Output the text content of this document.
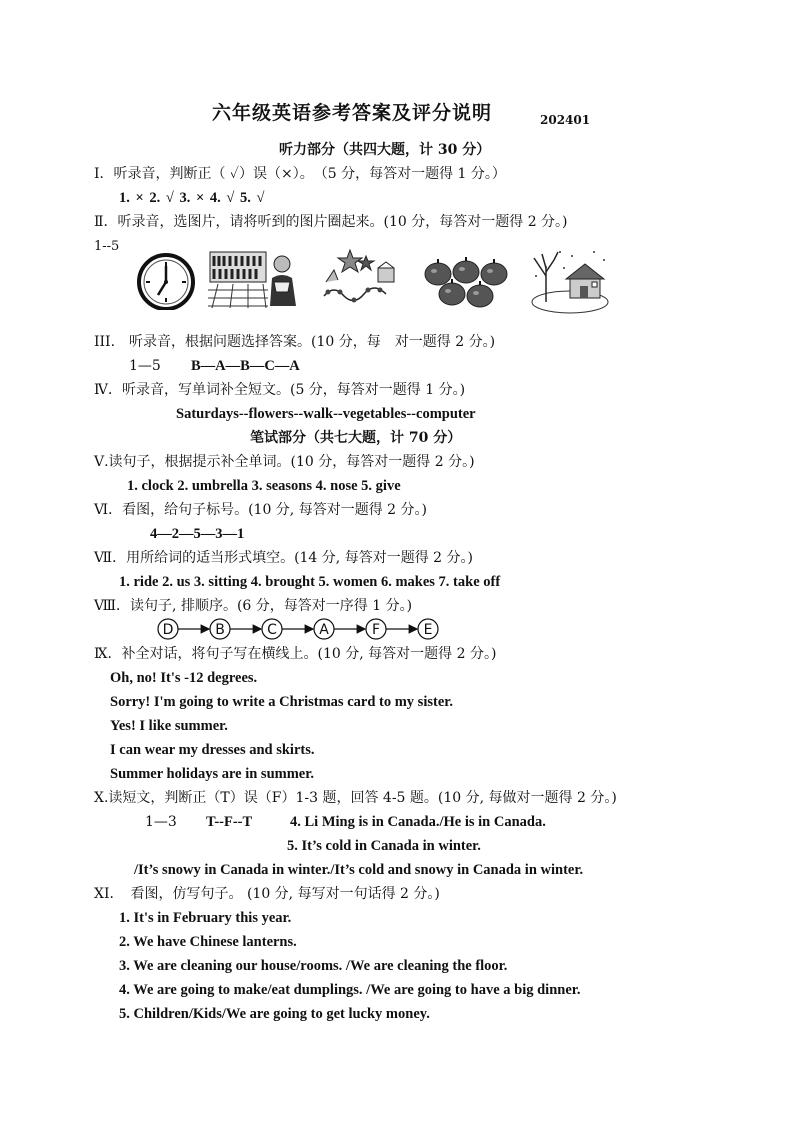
六年级英语参考答案及评分说明	202401
听力部分（共四大题，计 30 分）
Ⅰ．听录音，判断正（ ✓）误（×）。　（5 分，每答对一题得 1 分。）
1. × 2. √ 3. × 4. √ 5. √
Ⅱ．听录音，选图片，请将听到的图片圈起来。(10 分，每答对一题得 2 分。)
1--5
III.　听录音，根据问题选择答案。(10 分，每　对一题得 2 分。)
1—5 B—A—B—C—A
Ⅳ．听录音，写单词补全短文。(5 分，每答对一题得 1 分。)
Saturdays--flowers--walk--vegetables--computer
笔试部分（共七大题，计 70 分）
Ⅴ.读句子，根据提示补全单词。(10 分，每答对一题得 2 分。)
1. clock 2. umbrella 3. seasons 4. nose 5. give
Ⅵ．看图，给句子标号。(10 分, 每答对一题得 2 分。)
4—2—5—3—1
Ⅶ．用所给词的适当形式填空。(14 分, 每答对一题得 2 分。)
1. ride 2. us 3. sitting 4. brought 5. women 6. makes 7. take off
Ⅷ．读句子, 排顺序。(6 分，每答对一序得 1 分。)
D	B	C	A	F	E
Ⅸ．补全对话，将句子写在横线上。(10 分, 每答对一题得 2 分。)
Oh, no! It's -12 degrees.
Sorry! I'm going to write a Christmas card to my sister.
Yes! I like summer.
I can wear my dresses and skirts.
Summer holidays are in summer.
Ⅹ.读短文，判断正（T）误（F）1-3 题，回答 4-5 题。(10 分, 每做对一题得 2 分。)
1—3 T--F--T	4. Li Ming is in Canada./He is in Canada.
5. It’s cold in Canada in winter.
/It’s snowy in Canada in winter./It’s cold and snowy in Canada in winter.
XI．　看图，仿写句子。 (10 分, 每写对一句话得 2 分。)
1. It's in February this year.
2. We have Chinese lanterns.
3. We are cleaning our house/rooms. /We are cleaning the floor.
4. We are going to make/eat dumplings. /We are going to have a big dinner.
5. Children/Kids/We are going to get lucky money.
